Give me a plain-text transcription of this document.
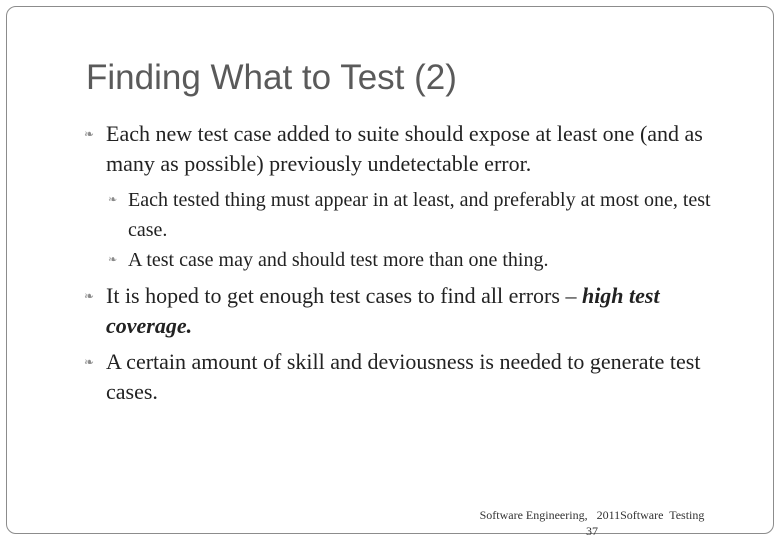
Finding What to Test (2)

❧ Each new test case added to suite should expose at least one (and as many as possible) previously undetectable error.

❧ Each tested thing must appear in at least, and preferably at most one, test case.

❧ A test case may and should test more than one thing.

❧ It is hoped to get enough test cases to find all errors – high test coverage.

❧ A certain amount of skill and deviousness is needed to generate test cases.

Software Engineering,   2011Software  Testing
37
